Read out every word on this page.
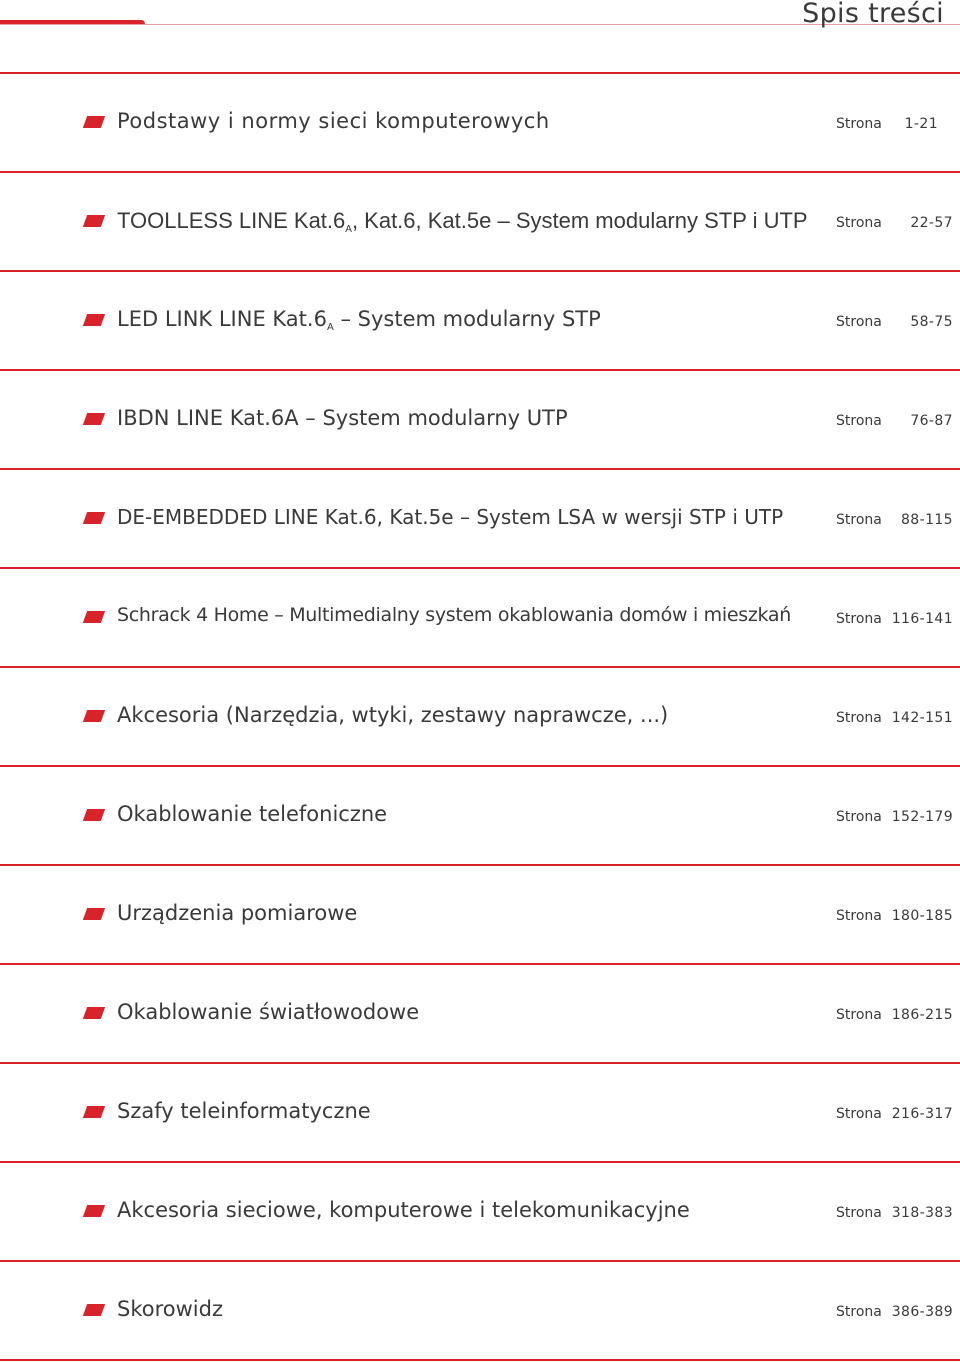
Spis treści
Podstawy i normy sieci komputerowych	Strona 1-21
TOOLLESS LINE $Kat.6_A$, Kat.6, Kat.5e – System modularny STP i UTP Strona 22-57
LED LINK LINE $Kat.6_A$ – System modularny STP	Strona 58-75
IBDN LINE Kat.6A – System modularny UTP	Strona 76-87
DE-EMBEDDED LINE Kat.6, Kat.5e – System LSA w wersji STP i UTP	Strona 88-115
Schrack 4 Home – Multimedialny system okablowania domów i mieszkań	Strona 116-141
Akcesoria (Narzędzia, wtyki, zestawy naprawcze, ...)	Strona 142-151
Okablowanie telefoniczne	Strona 152-179
Urządzenia pomiarowe	Strona 180-185
Okablowanie światłowodowe	Strona 186-215
Szafy teleinformatyczne	Strona 216-317
Akcesoria sieciowe, komputerowe i telekomunikacyjne	Strona 318-383
Skorowidz	Strona 386-389
